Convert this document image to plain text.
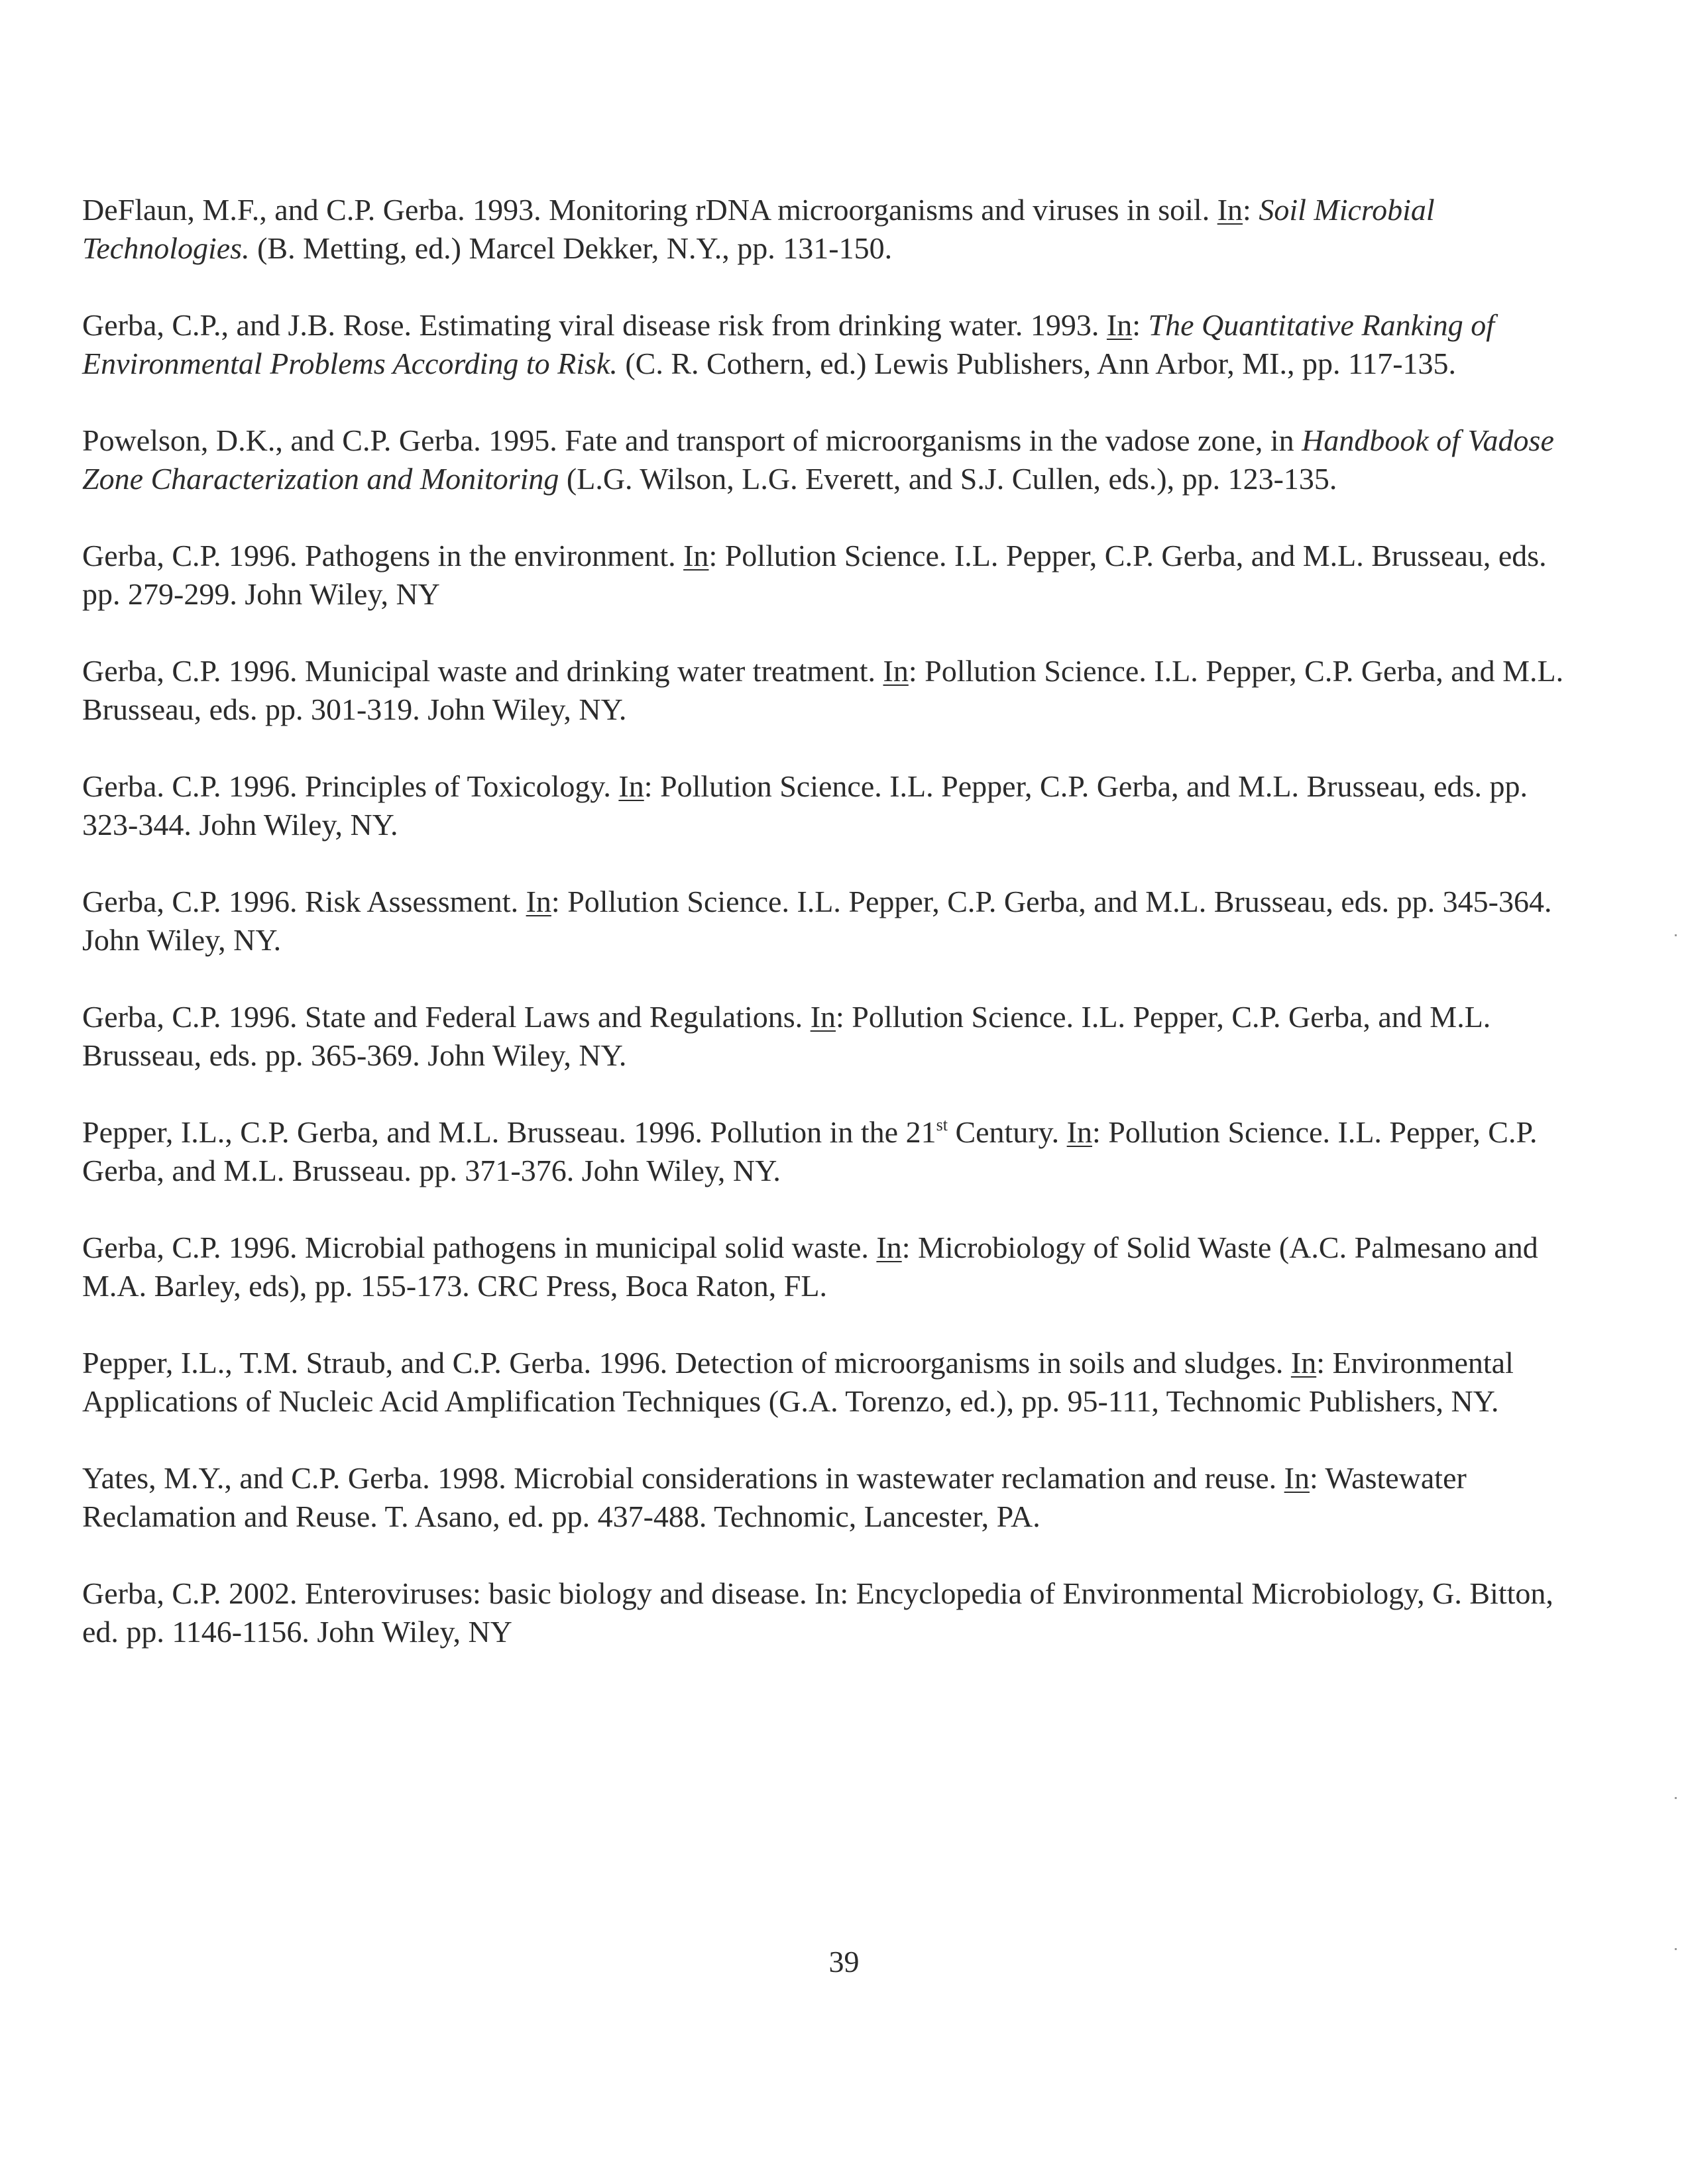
DeFlaun, M.F., and C.P. Gerba. 1993. Monitoring rDNA microorganisms and viruses in soil. In: Soil Microbial Technologies. (B. Metting, ed.) Marcel Dekker, N.Y., pp. 131-150.

Gerba, C.P., and J.B. Rose. Estimating viral disease risk from drinking water. 1993. In: The Quantitative Ranking of Environmental Problems According to Risk. (C. R. Cothern, ed.) Lewis Publishers, Ann Arbor, MI., pp. 117-135.

Powelson, D.K., and C.P. Gerba. 1995. Fate and transport of microorganisms in the vadose zone, in Handbook of Vadose Zone Characterization and Monitoring (L.G. Wilson, L.G. Everett, and S.J. Cullen, eds.), pp. 123-135.

Gerba, C.P. 1996. Pathogens in the environment. In: Pollution Science. I.L. Pepper, C.P. Gerba, and M.L. Brusseau, eds. pp. 279-299. John Wiley, NY

Gerba, C.P. 1996. Municipal waste and drinking water treatment. In: Pollution Science. I.L. Pepper, C.P. Gerba, and M.L. Brusseau, eds. pp. 301-319. John Wiley, NY.

Gerba. C.P. 1996. Principles of Toxicology. In: Pollution Science. I.L. Pepper, C.P. Gerba, and M.L. Brusseau, eds. pp. 323-344. John Wiley, NY.

Gerba, C.P. 1996. Risk Assessment. In: Pollution Science. I.L. Pepper, C.P. Gerba, and M.L. Brusseau, eds. pp. 345-364. John Wiley, NY.

Gerba, C.P. 1996. State and Federal Laws and Regulations. In: Pollution Science. I.L. Pepper, C.P. Gerba, and M.L. Brusseau, eds. pp. 365-369. John Wiley, NY.

Pepper, I.L., C.P. Gerba, and M.L. Brusseau. 1996. Pollution in the 21st Century. In: Pollution Science. I.L. Pepper, C.P. Gerba, and M.L. Brusseau. pp. 371-376. John Wiley, NY.

Gerba, C.P. 1996. Microbial pathogens in municipal solid waste. In: Microbiology of Solid Waste (A.C. Palmesano and M.A. Barley, eds), pp. 155-173. CRC Press, Boca Raton, FL.

Pepper, I.L., T.M. Straub, and C.P. Gerba. 1996. Detection of microorganisms in soils and sludges. In: Environmental Applications of Nucleic Acid Amplification Techniques (G.A. Torenzo, ed.), pp. 95-111, Technomic Publishers, NY.

Yates, M.Y., and C.P. Gerba. 1998. Microbial considerations in wastewater reclamation and reuse. In: Wastewater Reclamation and Reuse. T. Asano, ed. pp. 437-488. Technomic, Lancester, PA.

Gerba, C.P. 2002. Enteroviruses: basic biology and disease. In: Encyclopedia of Environmental Microbiology, G. Bitton, ed. pp. 1146-1156. John Wiley, NY

39
